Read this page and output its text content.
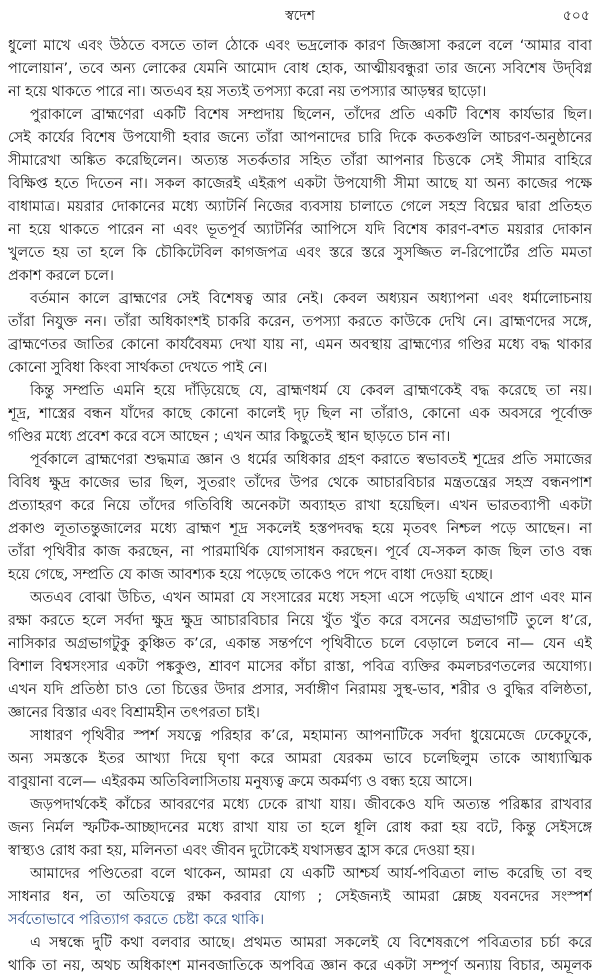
স্বদেশ	৫০৫
ধুলো মাখে এবং উঠতে বসতে তাল ঠোকে এবং ভদ্রলোক কারণ জিজ্ঞাসা করলে বলে ‘আমার বাবা
পালোয়ান’, তবে অন্য লোকের যেমনি আমোদ বোধ হোক, আত্মীয়বন্ধুরা তার জন্যে সবিশেষ উদ্‌বিগ্ন
না হয়ে থাকতে পারে না। অতএব হয় সত্যই তপস্যা করো নয় তপস্যার আড়ম্বর ছাড়ো।
পুরাকালে ব্রাহ্মণেরা একটি বিশেষ সম্প্রদায় ছিলেন, তাঁদের প্রতি একটি বিশেষ কার্যভার ছিল।
সেই কার্যের বিশেষ উপযোগী হবার জন্যে তাঁরা আপনাদের চারি দিকে কতকগুলি আচরণ-অনুষ্ঠানের
সীমারেখা অঙ্কিত করেছিলেন। অত্যন্ত সতর্কতার সহিত তাঁরা আপনার চিত্তকে সেই সীমার বাহিরে
বিক্ষিপ্ত হতে দিতেন না। সকল কাজেরই এইরূপ একটা উপযোগী সীমা আছে যা অন্য কাজের পক্ষে
বাধামাত্র। ময়রার দোকানের মধ্যে অ্যাটর্নি নিজের ব্যবসায় চালাতে গেলে সহস্র বিঘ্নের দ্বারা প্রতিহত
না হয়ে থাকতে পারেন না এবং ভূতপূর্ব অ্যাটর্নির আপিসে যদি বিশেষ কারণ-বশত ময়রার দোকান
খুলতে হয় তা হলে কি চৌকিটেবিল কাগজপত্র এবং স্তরে স্তরে সুসজ্জিত ল-রিপোর্টের প্রতি মমতা
প্রকাশ করলে চলে।
বর্তমান কালে ব্রাহ্মণের সেই বিশেষত্ব আর নেই। কেবল অধ্যয়ন অধ্যাপনা এবং ধর্মালোচনায়
তাঁরা নিযুক্ত নন। তাঁরা অধিকাংশই চাকরি করেন, তপস্যা করতে কাউকে দেখি নে। ব্রাহ্মণদের সঙ্গে,
ব্রাহ্মণেতর জাতির কোনো কার্যবৈষম্য দেখা যায় না, এমন অবস্থায় ব্রাহ্মণ্যের গণ্ডির মধ্যে বদ্ধ থাকার
কোনো সুবিধা কিংবা সার্থকতা দেখতে পাই নে।
কিন্তু সম্প্রতি এমনি হয়ে দাঁড়িয়েছে যে, ব্রাহ্মণধর্ম যে কেবল ব্রাহ্মণকেই বদ্ধ করেছে তা নয়।
শূদ্র, শাস্ত্রের বন্ধন যাঁদের কাছে কোনো কালেই দৃঢ় ছিল না তাঁরাও, কোনো এক অবসরে পূর্বোক্ত
গণ্ডির মধ্যে প্রবেশ করে বসে আছেন ; এখন আর কিছুতেই স্থান ছাড়তে চান না।
পূর্বকালে ব্রাহ্মণেরা শুদ্ধমাত্র জ্ঞান ও ধর্মের অধিকার গ্রহণ করাতে স্বভাবতই শূদ্রের প্রতি সমাজের
বিবিধ ক্ষুদ্র কাজের ভার ছিল, সুতরাং তাঁদের উপর থেকে আচারবিচার মন্ত্রতন্ত্রের সহস্র বন্ধনপাশ
প্রত্যাহরণ করে নিয়ে তাঁদের গতিবিধি অনেকটা অব্যাহত রাখা হয়েছিল। এখন ভারতব্যাপী একটা
প্রকাণ্ড লূতাতন্তুজালের মধ্যে ব্রাহ্মণ শূদ্র সকলেই হস্তপদবদ্ধ হয়ে মৃতবৎ নিশ্চল পড়ে আছেন। না
তাঁরা পৃথিবীর কাজ করছেন, না পারমার্থিক যোগসাধন করছেন। পূর্বে যে-সকল কাজ ছিল তাও বন্ধ
হয়ে গেছে, সম্প্রতি যে কাজ আবশ্যক হয়ে পড়েছে তাকেও পদে পদে বাধা দেওয়া হচ্ছে।
অতএব বোঝা উচিত, এখন আমরা যে সংসারের মধ্যে সহসা এসে পড়েছি এখানে প্রাণ এবং মান
রক্ষা করতে হলে সর্বদা ক্ষুদ্র ক্ষুদ্র আচারবিচার নিয়ে খুঁত খুঁত করে বসনের অগ্রভাগটি তুলে ধ’রে,
নাসিকার অগ্রভাগটুকু কুঞ্চিত ক’রে, একান্ত সন্তর্পণে পৃথিবীতে চলে বেড়ালে চলবে না— যেন এই
বিশাল বিশ্বসংসার একটা পঙ্ককুণ্ড, শ্রাবণ মাসের কাঁচা রাস্তা, পবিত্র ব্যক্তির কমলচরণতলের অযোগ্য।
এখন যদি প্রতিষ্ঠা চাও তো চিত্তের উদার প্রসার, সর্বাঙ্গীণ নিরাময় সুস্থ-ভাব, শরীর ও বুদ্ধির বলিষ্ঠতা,
জ্ঞানের বিস্তার এবং বিশ্রামহীন তৎপরতা চাই।
সাধারণ পৃথিবীর স্পর্শ সযত্নে পরিহার ক’রে, মহামান্য আপনাটিকে সর্বদা ধুয়েমেজে ঢেকেঢুকে,
অন্য সমস্তকে ইতর আখ্যা দিয়ে ঘৃণা করে আমরা যেরকম ভাবে চলেছিলুম তাকে আধ্যাত্মিক
বাবুয়ানা বলে— এইরকম অতিবিলাসিতায় মনুষ্যত্ব ক্রমে অকর্মণ্য ও বন্ধ্য হয়ে আসে।
জড়পদার্থকেই কাঁচের আবরণের মধ্যে ঢেকে রাখা যায়। জীবকেও যদি অত্যন্ত পরিষ্কার রাখবার
জন্য নির্মল স্ফটিক-আচ্ছাদনের মধ্যে রাখা যায় তা হলে ধূলি রোধ করা হয় বটে, কিন্তু সেইসঙ্গে
স্বাস্থ্যও রোধ করা হয়, মলিনতা এবং জীবন দুটোকেই যথাসম্ভব হ্রাস করে দেওয়া হয়।
আমাদের পণ্ডিতেরা বলে থাকেন, আমরা যে একটি আশ্চর্য আর্য-পবিত্রতা লাভ করেছি তা বহু
সাধনার ধন, তা অতিযত্নে রক্ষা করবার যোগ্য ; সেইজন্যই আমরা ম্লেচ্ছ যবনদের সংস্পর্শ
সর্বতোভাবে পরিত্যাগ করতে চেষ্টা করে থাকি।
এ সম্বন্ধে দুটি কথা বলবার আছে। প্রথমত আমরা সকলেই যে বিশেষরূপে পবিত্রতার চর্চা করে
থাকি তা নয়, অথচ অধিকাংশ মানবজাতিকে অপবিত্র জ্ঞান করে একটা সম্পূর্ণ অন্যায় বিচার, অমূলক
